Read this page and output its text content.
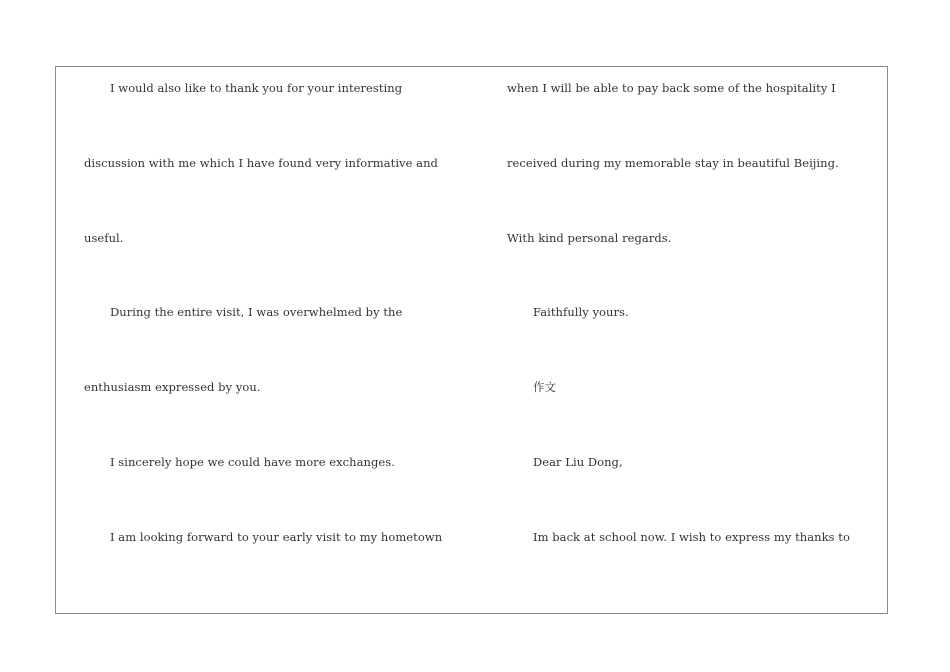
I would also like to thank you for your interesting
discussion with me which I have found very informative and
useful.
During the entire visit, I was overwhelmed by the
enthusiasm expressed by you.
I sincerely hope we could have more exchanges.
I am looking forward to your early visit to my hometown
when I will be able to pay back some of the hospitality I
received during my memorable stay in beautiful Beijing.
With kind personal regards.
Faithfully yours.
作文
Dear Liu Dong,
Im back at school now. I wish to express my thanks to
